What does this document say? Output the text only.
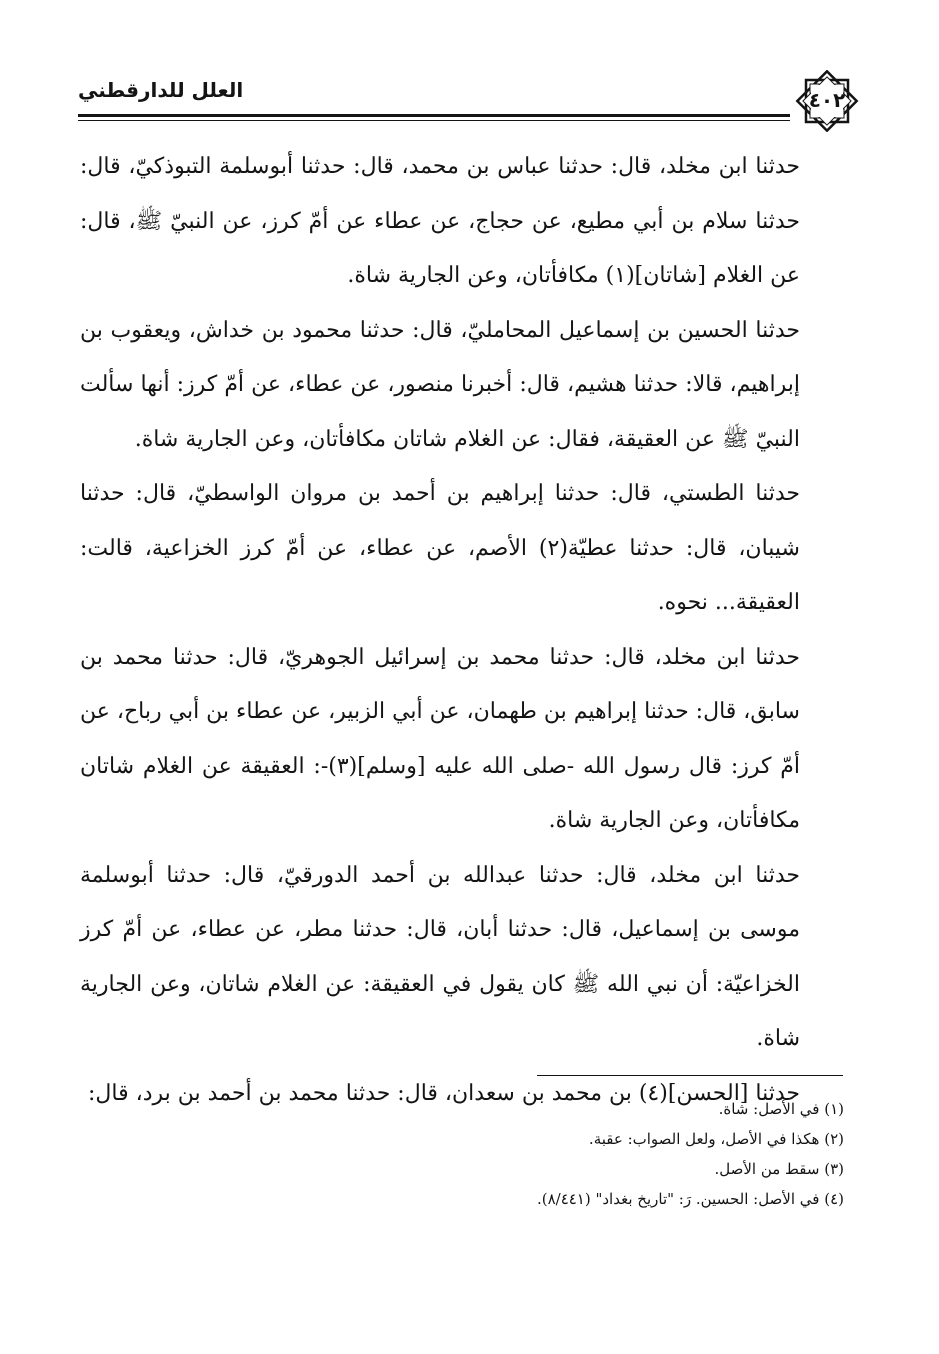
العلل للدارقطني	٤٠٢

حدثنا ابن مخلد، قال: حدثنا عباس بن محمد، قال: حدثنا أبوسلمة التبوذكيّ، قال: حدثنا سلام بن أبي مطيع، عن حجاج، عن عطاء عن أمّ كرز، عن النبيّ ﷺ، قال: عن الغلام [شاتان](١) مكافأتان، وعن الجارية شاة.

حدثنا الحسين بن إسماعيل المحامليّ، قال: حدثنا محمود بن خداش، ويعقوب بن إبراهيم، قالا: حدثنا هشيم، قال: أخبرنا منصور، عن عطاء، عن أمّ كرز: أنها سألت النبيّ ﷺ عن العقيقة، فقال: عن الغلام شاتان مكافأتان، وعن الجارية شاة.

حدثنا الطستي، قال: حدثنا إبراهيم بن أحمد بن مروان الواسطيّ، قال: حدثنا شيبان، قال: حدثنا عطيّة(٢) الأصم، عن عطاء، عن أمّ كرز الخزاعية، قالت: العقيقة... نحوه.

حدثنا ابن مخلد، قال: حدثنا محمد بن إسرائيل الجوهريّ، قال: حدثنا محمد بن سابق، قال: حدثنا إبراهيم بن طهمان، عن أبي الزبير، عن عطاء بن أبي رباح، عن أمّ كرز: قال رسول الله -صلى الله عليه [وسلم](٣)-: العقيقة عن الغلام شاتان مكافأتان، وعن الجارية شاة.

حدثنا ابن مخلد، قال: حدثنا عبدالله بن أحمد الدورقيّ، قال: حدثنا أبوسلمة موسى بن إسماعيل، قال: حدثنا أبان، قال: حدثنا مطر، عن عطاء، عن أمّ كرز الخزاعيّة: أن نبي الله ﷺ كان يقول في العقيقة: عن الغلام شاتان، وعن الجارية شاة.

حدثنا [الحسن](٤) بن محمد بن سعدان، قال: حدثنا محمد بن أحمد بن برد، قال:

(١) في الأصل: شاة.

(٢) هكذا في الأصل، ولعل الصواب: عقبة.

(٣) سقط من الأصل.

(٤) في الأصل: الحسين. رَ: "تاريخ بغداد" (٨/٤٤١).
